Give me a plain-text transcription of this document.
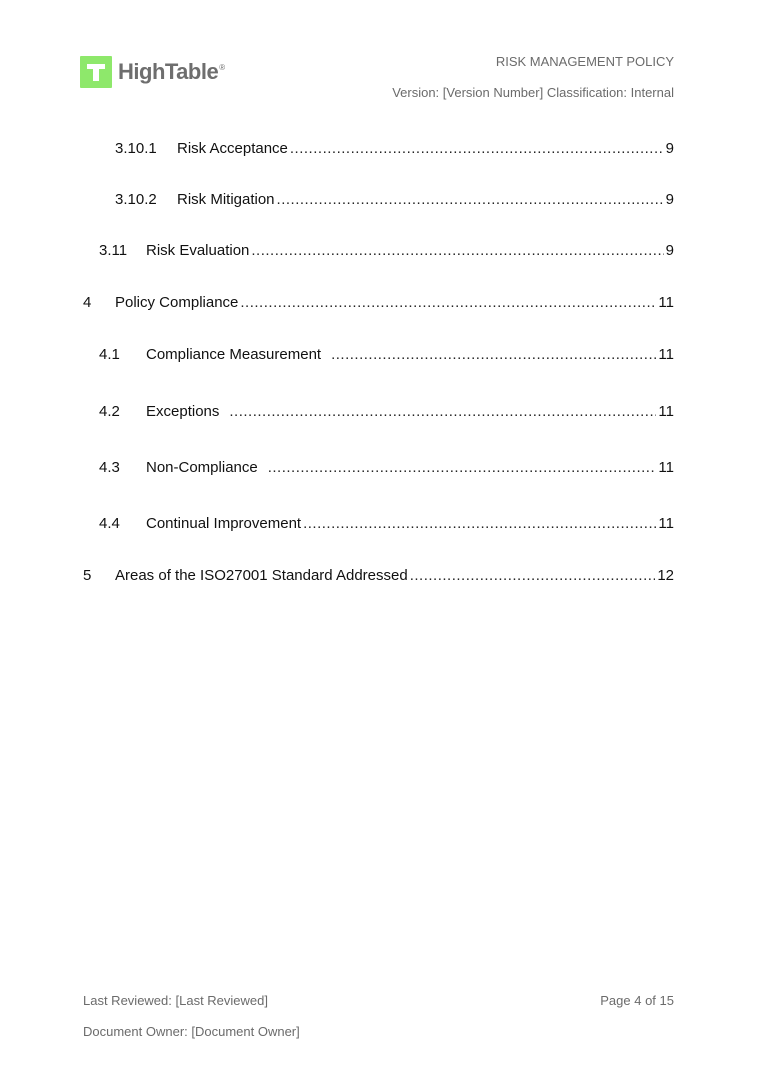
HighTable®	RISK MANAGEMENT POLICY
Version: [Version Number] Classification: Internal
3.10.1	Risk Acceptance .....	9
3.10.2	Risk Mitigation .....	9
3.11	Risk Evaluation .....	9
4	Policy Compliance .....	11
4.1	Compliance Measurement .....	11
4.2	Exceptions .....	11
4.3	Non-Compliance .....	11
4.4	Continual Improvement .....	11
5	Areas of the ISO27001 Standard Addressed .....	12
Last Reviewed: [Last Reviewed]	Page 4 of 15
Document Owner: [Document Owner]
